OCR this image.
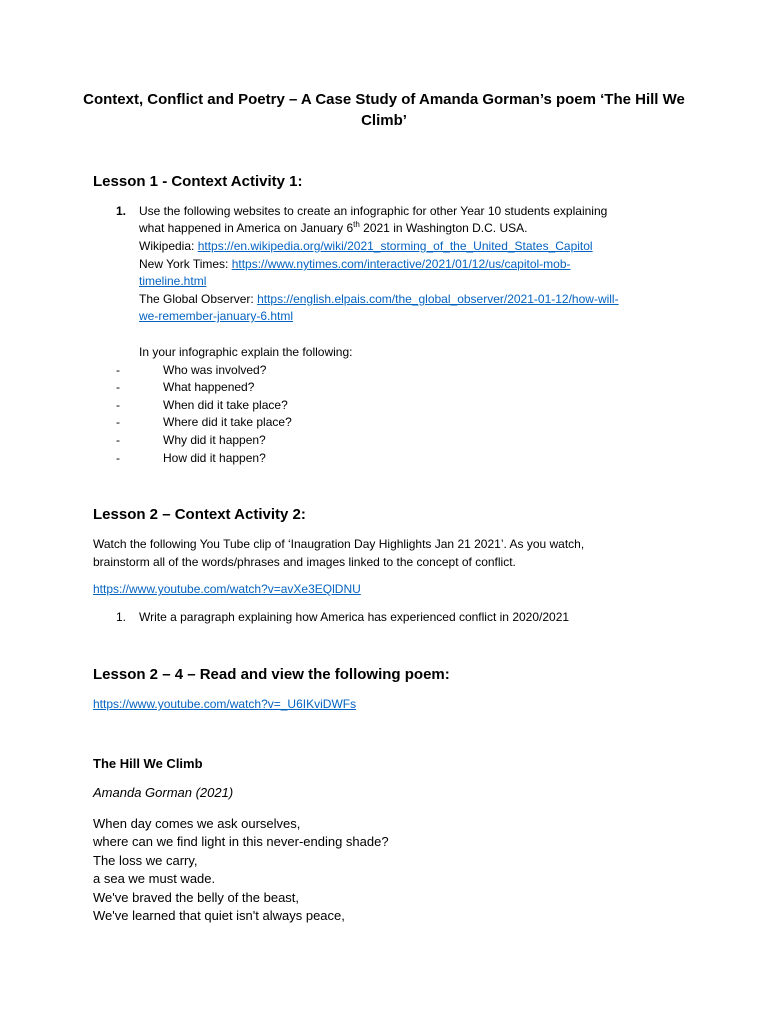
Context, Conflict and Poetry – A Case Study of Amanda Gorman’s poem ‘The Hill We Climb’
Lesson 1 - Context Activity 1:
1. Use the following websites to create an infographic for other Year 10 students explaining
what happened in America on January 6th 2021 in Washington D.C. USA.
Wikipedia: https://en.wikipedia.org/wiki/2021_storming_of_the_United_States_Capitol
New York Times: https://www.nytimes.com/interactive/2021/01/12/us/capitol-mob-
timeline.html
The Global Observer: https://english.elpais.com/the_global_observer/2021-01-12/how-will-
we-remember-january-6.html
In your infographic explain the following:
-	Who was involved?
-	What happened?
-	When did it take place?
-	Where did it take place?
-	Why did it happen?
-	How did it happen?
Lesson 2 – Context Activity 2:
Watch the following You Tube clip of ‘Inaugration Day Highlights Jan 21 2021’. As you watch,
brainstorm all of the words/phrases and images linked to the concept of conflict.
https://www.youtube.com/watch?v=avXe3EQlDNU
1. Write a paragraph explaining how America has experienced conflict in 2020/2021
Lesson 2 – 4 – Read and view the following poem:
https://www.youtube.com/watch?v=_U6IKviDWFs
The Hill We Climb
Amanda Gorman (2021)
When day comes we ask ourselves,
where can we find light in this never-ending shade?
The loss we carry,
a sea we must wade.
We've braved the belly of the beast,
We've learned that quiet isn't always peace,
